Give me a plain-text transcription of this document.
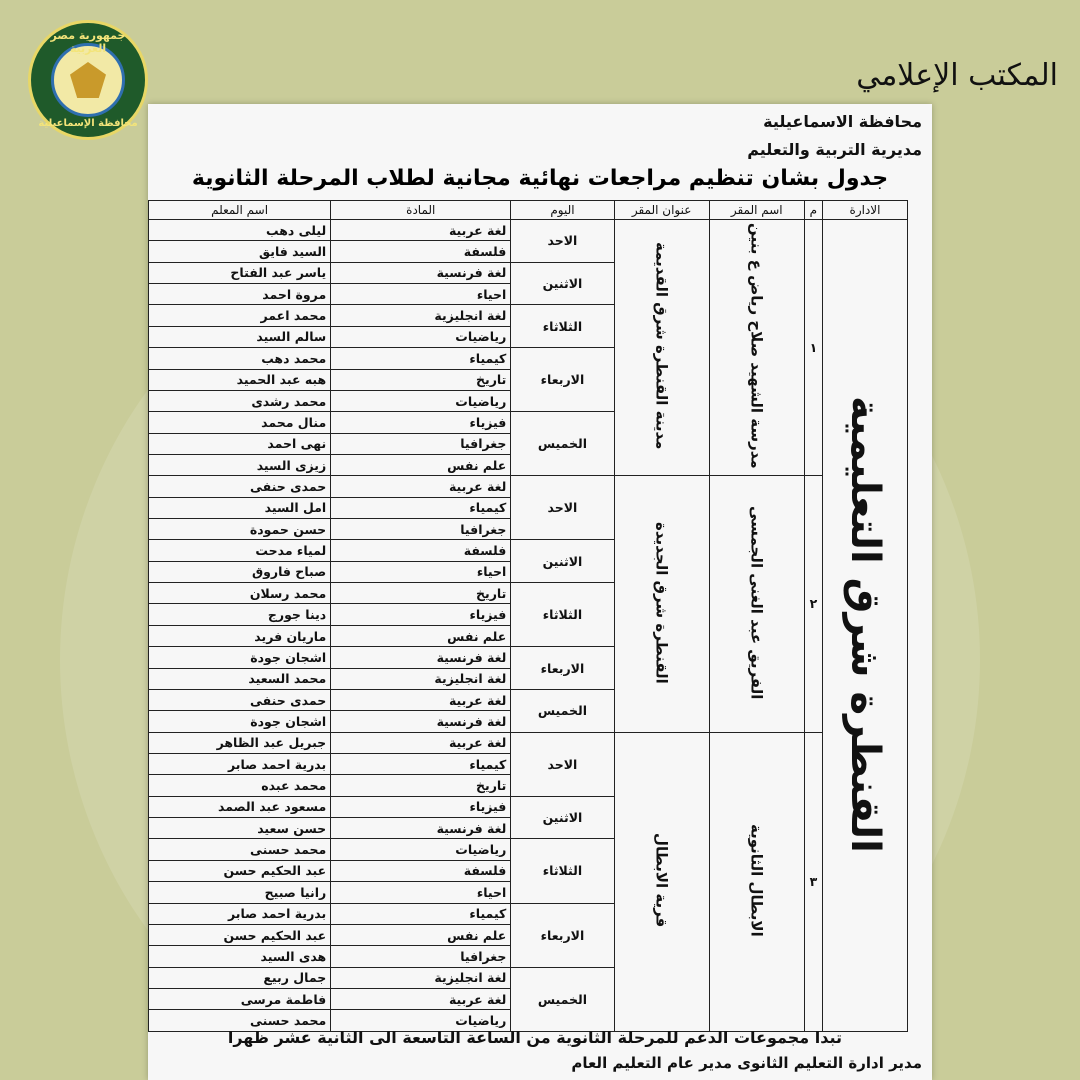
جمهورية مصر العربية
محافظة الإسماعيلية
المكتب الإعلامي
محافظة الاسماعيلية
مديرية التربية والتعليم
جدول بشان تنظيم مراجعات نهائية مجانية لطلاب المرحلة الثانوية
الادارة	م	اسم المقر	عنوان المقر	اليوم	المادة	اسم المعلم
القنطرة شرق التعليمية	١	مدرسة الشهيد صلاح رياض ع بنين	مدينة القنطرة شرق القديمة	الاحد	لغة عربية	ليلى دهب
					فلسفة	السيد فايق
				الاثنين	لغة فرنسية	ياسر عبد الفتاح
					احياء	مروة احمد
				الثلاثاء	لغة انجليزية	محمد اعمر
					رياضيات	سالم السيد
				الاربعاء	كيمياء	محمد دهب
					تاريخ	هبه عبد الحميد
					رياضيات	محمد رشدى
				الخميس	فيزياء	منال محمد
					جغرافيا	نهى احمد
					علم نفس	زيزى السيد
	٢	الفريق عبد الغنى الجمسى	القنطرة شرق الجديدة	الاحد	لغة عربية	حمدى حنفى
					كيمياء	امل السيد
					جغرافيا	حسن حمودة
				الاثنين	فلسفة	لمياء مدحت
					احياء	صباح فاروق
				الثلاثاء	تاريخ	محمد رسلان
					فيزياء	دينا جورج
					علم نفس	ماريان فريد
				الاربعاء	لغة فرنسية	اشجان جودة
					لغة انجليزية	محمد السعيد
				الخميس	لغة عربية	حمدى حنفى
					لغة فرنسية	اشجان جودة
	٣	الابطال الثانوية	قرية الابطال	الاحد	لغة عربية	جبريل عبد الظاهر
					كيمياء	بدرية احمد صابر
					تاريخ	محمد عبده
				الاثنين	فيزياء	مسعود عبد الصمد
					لغة فرنسية	حسن سعيد
				الثلاثاء	رياضيات	محمد حسنى
					فلسفة	عبد الحكيم حسن
					احياء	رانيا صبيح
				الاربعاء	كيمياء	بدرية احمد صابر
					علم نفس	عبد الحكيم حسن
					جغرافيا	هدى السيد
				الخميس	لغة انجليزية	جمال ربيع
					لغة عربية	فاطمة مرسى
					رياضيات	محمد حسنى
تبدا مجموعات الدعم للمرحلة الثانوية من الساعة التاسعة الى الثانية عشر ظهرا
مدير ادارة التعليم الثانوى مدير عام التعليم العام
